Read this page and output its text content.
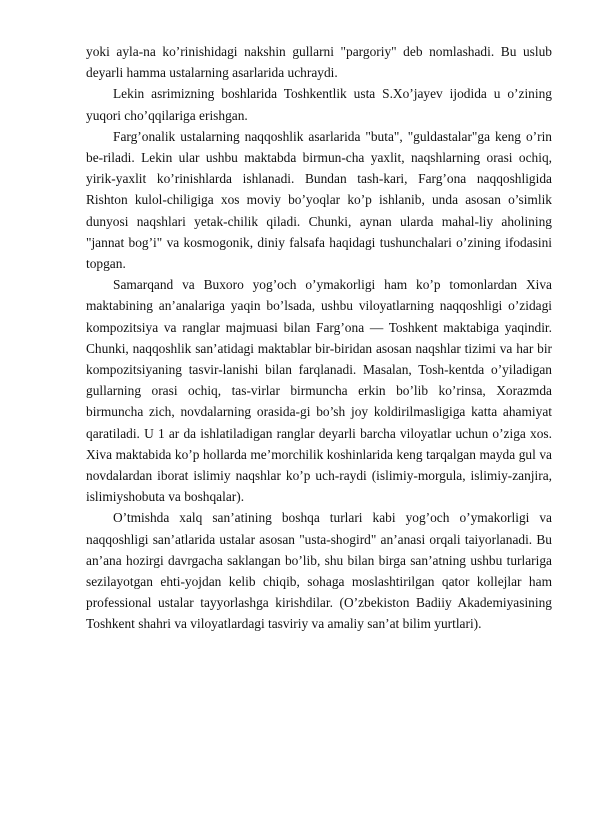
yoki ayla-na ko’rinishidagi nakshin gullarni "pargoriy" deb nomlashadi. Bu uslub deyarli hamma ustalarning asarlarida uchraydi.

Lekin asrimizning boshlarida Toshkentlik usta S.Xo’jayev ijodida u o’zining yuqori cho’qqilariga erishgan.

Farg’onalik ustalarning naqqoshlik asarlarida "buta", "guldastalar"ga keng o’rin be-riladi. Lekin ular ushbu maktabda birmun-cha yaxlit, naqshlarning orasi ochiq, yirik-yaxlit ko’rinishlarda ishlanadi. Bundan tash-kari, Farg’ona naqqoshligida Rishton kulol-chiligiga xos moviy bo’yoqlar ko’p ishlanib, unda asosan o’simlik dunyosi naqshlari yetak-chilik qiladi. Chunki, aynan ularda mahal-liy aholining "jannat bog’i" va kosmogonik, diniy falsafa haqidagi tushunchalari o’zining ifodasini topgan.

Samarqand va Buxoro yog’och o’ymakorligi ham ko’p tomonlardan Xiva maktabining an’analariga yaqin bo’lsada, ushbu viloyatlarning naqqoshligi o’zidagi kompozitsiya va ranglar majmuasi bilan Farg’ona — Toshkent maktabiga yaqindir. Chunki, naqqoshlik san’atidagi maktablar bir-biridan asosan naqshlar tizimi va har bir kompozitsiyaning tasvir-lanishi bilan farqlanadi. Masalan, Tosh-kentda o’yiladigan gullarning orasi ochiq, tas-virlar birmuncha erkin bo’lib ko’rinsa, Xorazmda birmuncha zich, novdalarning orasida-gi bo’sh joy koldirilmasligiga katta ahamiyat qaratiladi. U 1 ar da ishlatiladigan ranglar deyarli barcha viloyatlar uchun o’ziga xos. Xiva maktabida ko’p hollarda me’morchilik koshinlarida keng tarqalgan mayda gul va novdalardan iborat islimiy naqshlar ko’p uch-raydi (islimiy-morgula, islimiy-zanjira, islimiyshobuta va boshqalar).

O’tmishda xalq san’atining boshqa turlari kabi yog’och o’ymakorligi va naqqoshligi san’atlarida ustalar asosan "usta-shogird" an’anasi orqali taiyorlanadi. Bu an’ana hozirgi davrgacha saklangan bo’lib, shu bilan birga san’atning ushbu turlariga sezilayotgan ehti-yojdan kelib chiqib, sohaga moslashtirilgan qator kollejlar ham professional ustalar tayyorlashga kirishdilar. (O’zbekiston Badiiy Akademiyasining Toshkent shahri va viloyatlardagi tasviriy va amaliy san’at bilim yurtlari).
